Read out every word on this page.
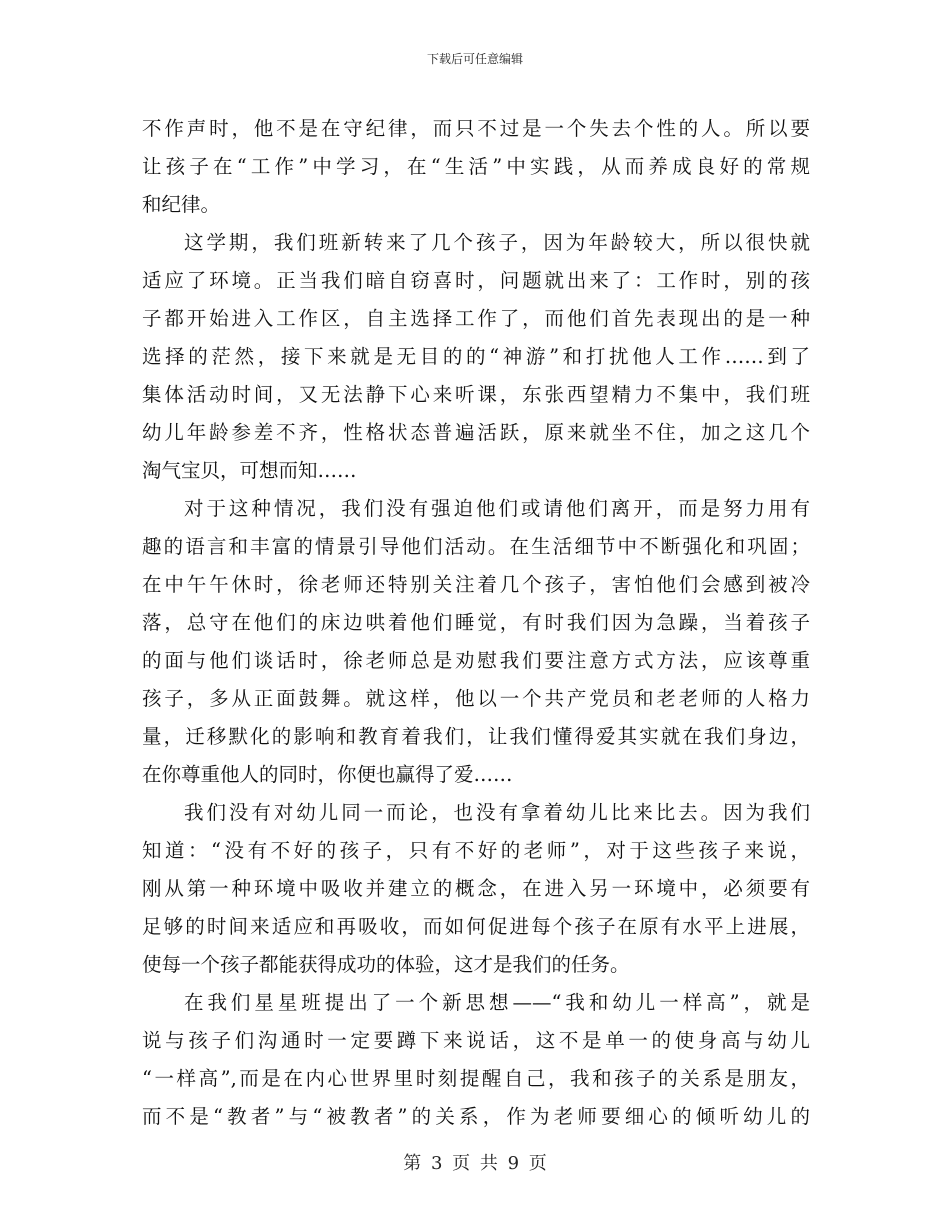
下载后可任意编辑
不作声时，他不是在守纪律，而只不过是一个失去个性的人。所以要
让孩子在“工作”中学习，在“生活”中实践，从而养成良好的常规
和纪律。
这学期，我们班新转来了几个孩子，因为年龄较大，所以很快就
适应了环境。正当我们暗自窃喜时，问题就出来了：工作时，别的孩
子都开始进入工作区，自主选择工作了，而他们首先表现出的是一种
选择的茫然，接下来就是无目的的“神游”和打扰他人工作……到了
集体活动时间，又无法静下心来听课，东张西望精力不集中，我们班
幼儿年龄参差不齐，性格状态普遍活跃，原来就坐不住，加之这几个
淘气宝贝，可想而知……
对于这种情况，我们没有强迫他们或请他们离开，而是努力用有
趣的语言和丰富的情景引导他们活动。在生活细节中不断强化和巩固；
在中午午休时，徐老师还特别关注着几个孩子，害怕他们会感到被冷
落，总守在他们的床边哄着他们睡觉，有时我们因为急躁，当着孩子
的面与他们谈话时，徐老师总是劝慰我们要注意方式方法，应该尊重
孩子，多从正面鼓舞。就这样，他以一个共产党员和老老师的人格力
量，迁移默化的影响和教育着我们，让我们懂得爱其实就在我们身边，
在你尊重他人的同时，你便也赢得了爱……
我们没有对幼儿同一而论，也没有拿着幼儿比来比去。因为我们
知道：“没有不好的孩子，只有不好的老师”，对于这些孩子来说，
刚从第一种环境中吸收并建立的概念，在进入另一环境中，必须要有
足够的时间来适应和再吸收，而如何促进每个孩子在原有水平上进展，
使每一个孩子都能获得成功的体验，这才是我们的任务。
在我们星星班提出了一个新思想——“我和幼儿一样高”，就是
说与孩子们沟通时一定要蹲下来说话，这不是单一的使身高与幼儿
“一样高”,而是在内心世界里时刻提醒自己，我和孩子的关系是朋友，
而不是“教者”与“被教者”的关系，作为老师要细心的倾听幼儿的
第 3 页 共 9 页
